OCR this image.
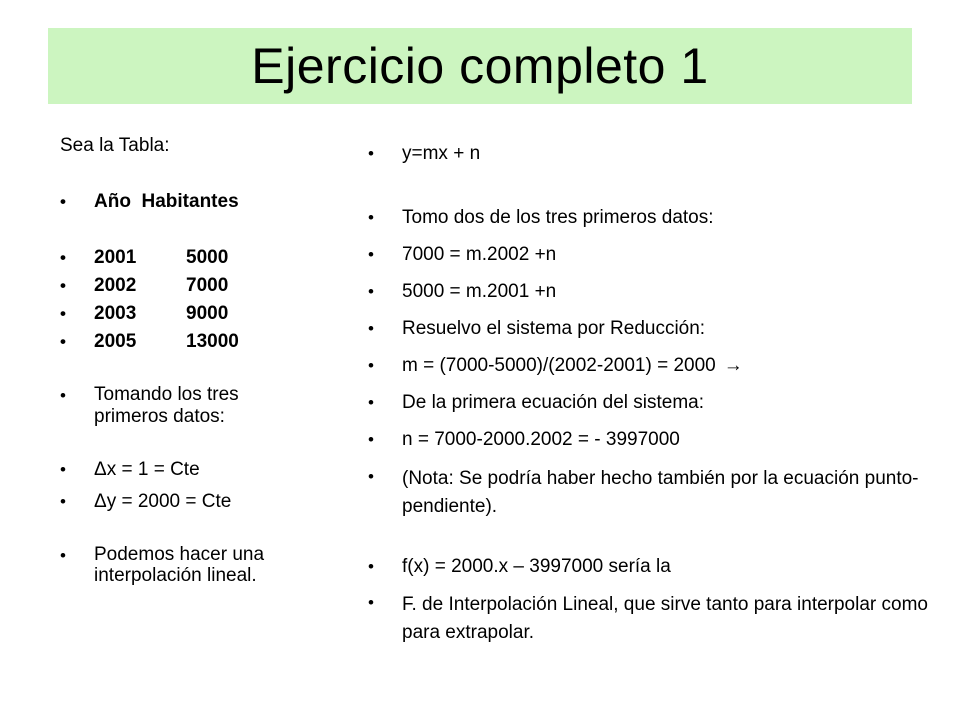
Ejercicio completo 1

Sea la Tabla:

•	Año Habitantes
•	2001	5000
•	2002	7000
•	2003	9000
•	2005	13000
•	Tomando los tres primeros datos:
•	Δx = 1 = Cte
•	Δy = 2000 = Cte
•	Podemos hacer una interpolación lineal.
•	y=mx + n
•	Tomo dos de los tres primeros datos:
•	7000 = m.2002 +n
•	5000 = m.2001 +n
•	Resuelvo el sistema por Reducción:
•	m = (7000-5000)/(2002-2001) = 2000 →
•	De la primera ecuación del sistema:
•	n = 7000-2000.2002 = - 3997000
•	(Nota: Se podría haber hecho también por la ecuación punto-pendiente).
•	f(x) = 2000.x – 3997000 sería la
•	F. de Interpolación Lineal, que sirve tanto para interpolar como para extrapolar.
